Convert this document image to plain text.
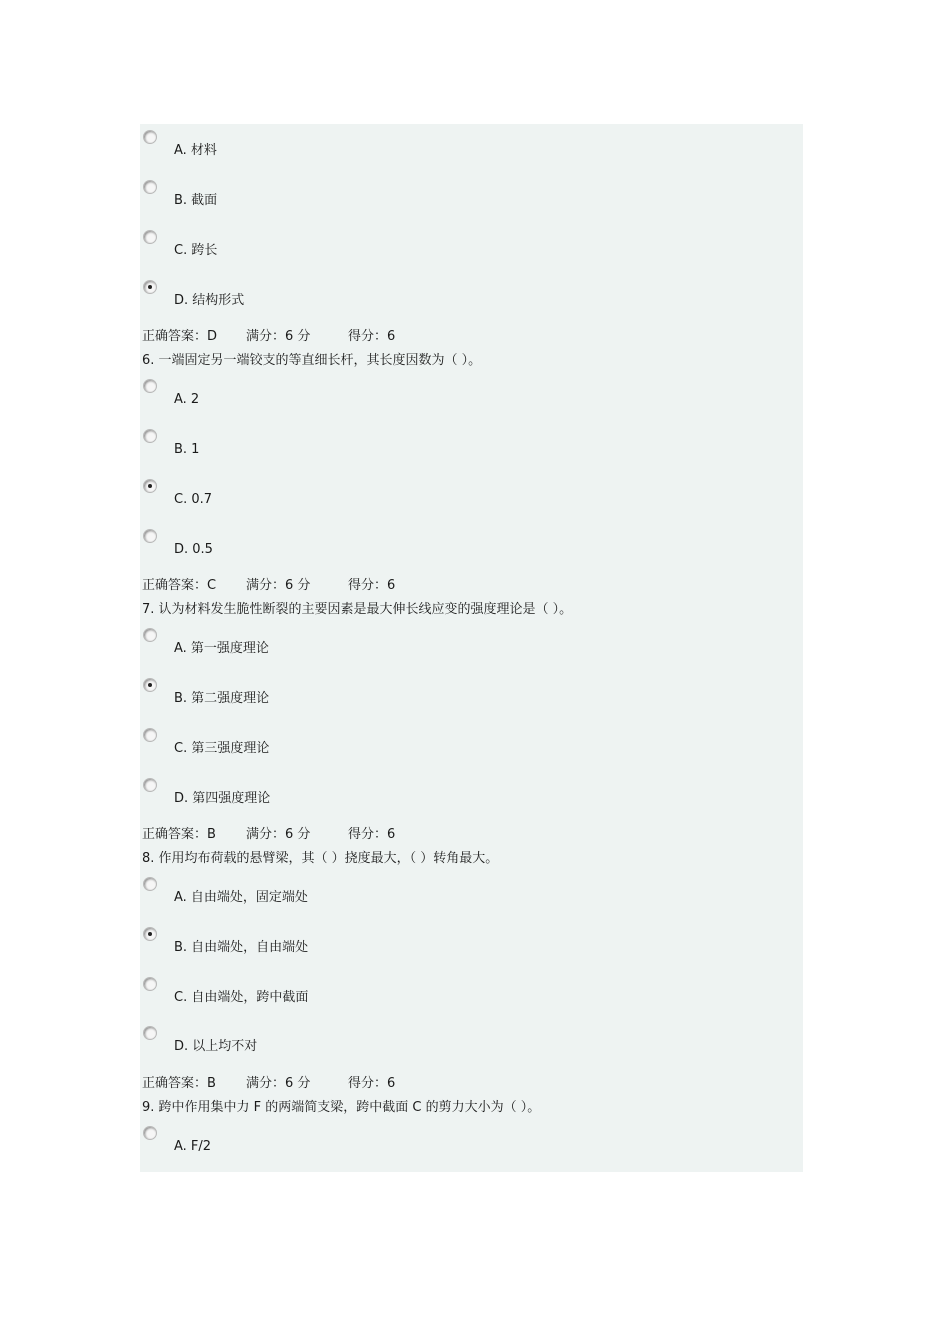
A. 材料
B. 截面
C. 跨长
D. 结构形式
正确答案：D 满分：6 分	得分：6
6. 一端固定另一端铰支的等直细长杆，其长度因数为（ ）。
A. 2
B. 1
C. 0.7
D. 0.5
正确答案：C 满分：6 分	得分：6
7. 认为材料发生脆性断裂的主要因素是最大伸长线应变的强度理论是（ ）。
A. 第一强度理论
B. 第二强度理论
C. 第三强度理论
D. 第四强度理论
正确答案：B 满分：6 分	得分：6
8. 作用均布荷载的悬臂梁，其（ ）挠度最大，（ ）转角最大。
A. 自由端处，固定端处
B. 自由端处，自由端处
C. 自由端处，跨中截面
D. 以上均不对
正确答案：B 满分：6 分	得分：6
9. 跨中作用集中力 F 的两端简支梁，跨中截面 C 的剪力大小为（ ）。
A. F/2
